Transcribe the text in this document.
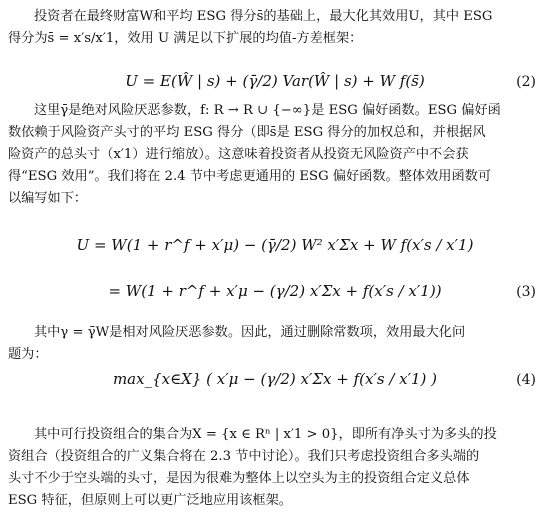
投资者在最终财富W和平均 ESG 得分s̄的基础上，最大化其效用U，其中 ESG
得分为s̄ = x′s/x′1，效用 U 满足以下扩展的均值-方差框架：
U = E(Ŵ | s) + (γ̄/2) Var(Ŵ | s) + W f(s̄)	(2)
这里γ̄是绝对风险厌恶参数，f: R → R ∪ {−∞}是 ESG 偏好函数。ESG 偏好函
数依赖于风险资产头寸的平均 ESG 得分（即s̄是 ESG 得分的加权总和，并根据风
险资产的总头寸（x′1）进行缩放）。这意味着投资者从投资无风险资产中不会获
得“ESG 效用”。我们将在 2.4 节中考虑更通用的 ESG 偏好函数。整体效用函数可
以编写如下：
U = W(1 + r^f + x′μ) − (γ̄/2) W² x′Σx + W f(x′s / x′1)
= W(1 + r^f + x′μ − (γ/2) x′Σx + f(x′s / x′1))	(3)
其中γ = γ̄W是相对风险厌恶参数。因此，通过删除常数项，效用最大化问
题为：
max_{x∈X} ( x′μ − (γ/2) x′Σx + f(x′s / x′1) )	(4)
其中可行投资组合的集合为X = {x ∈ Rⁿ | x′1 > 0}，即所有净头寸为多头的投
资组合（投资组合的广义集合将在 2.3 节中讨论）。我们只考虑投资组合多头端的
头寸不少于空头端的头寸，是因为很难为整体上以空头为主的投资组合定义总体
ESG 特征，但原则上可以更广泛地应用该框架。
